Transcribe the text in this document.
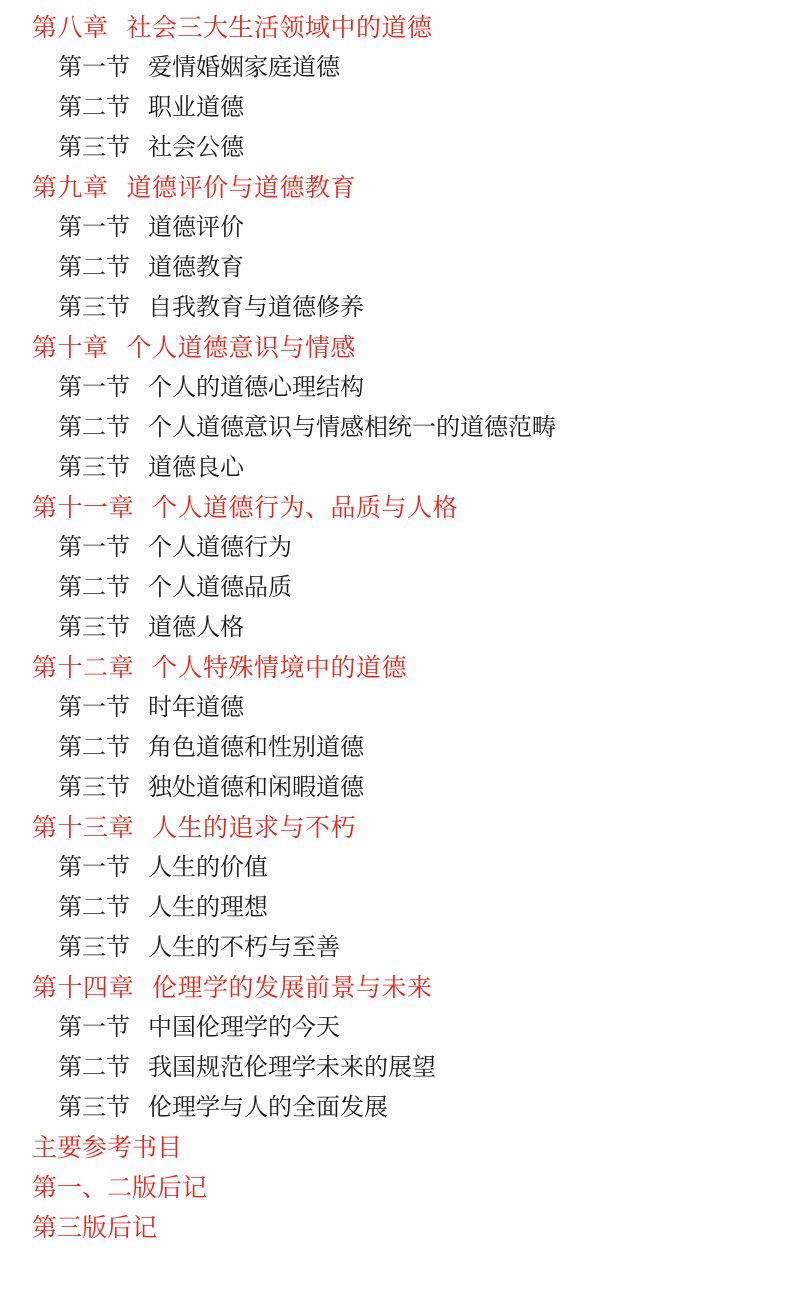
第八章 社会三大生活领域中的道德
第一节 爱情婚姻家庭道德
第二节 职业道德
第三节 社会公德
第九章 道德评价与道德教育
第一节 道德评价
第二节 道德教育
第三节 自我教育与道德修养
第十章 个人道德意识与情感
第一节 个人的道德心理结构
第二节 个人道德意识与情感相统一的道德范畴
第三节 道德良心
第十一章 个人道德行为、品质与人格
第一节 个人道德行为
第二节 个人道德品质
第三节 道德人格
第十二章 个人特殊情境中的道德
第一节 时年道德
第二节 角色道德和性别道德
第三节 独处道德和闲暇道德
第十三章 人生的追求与不朽
第一节 人生的价值
第二节 人生的理想
第三节 人生的不朽与至善
第十四章 伦理学的发展前景与未来
第一节 中国伦理学的今天
第二节 我国规范伦理学未来的展望
第三节 伦理学与人的全面发展
主要参考书目
第一、二版后记
第三版后记
